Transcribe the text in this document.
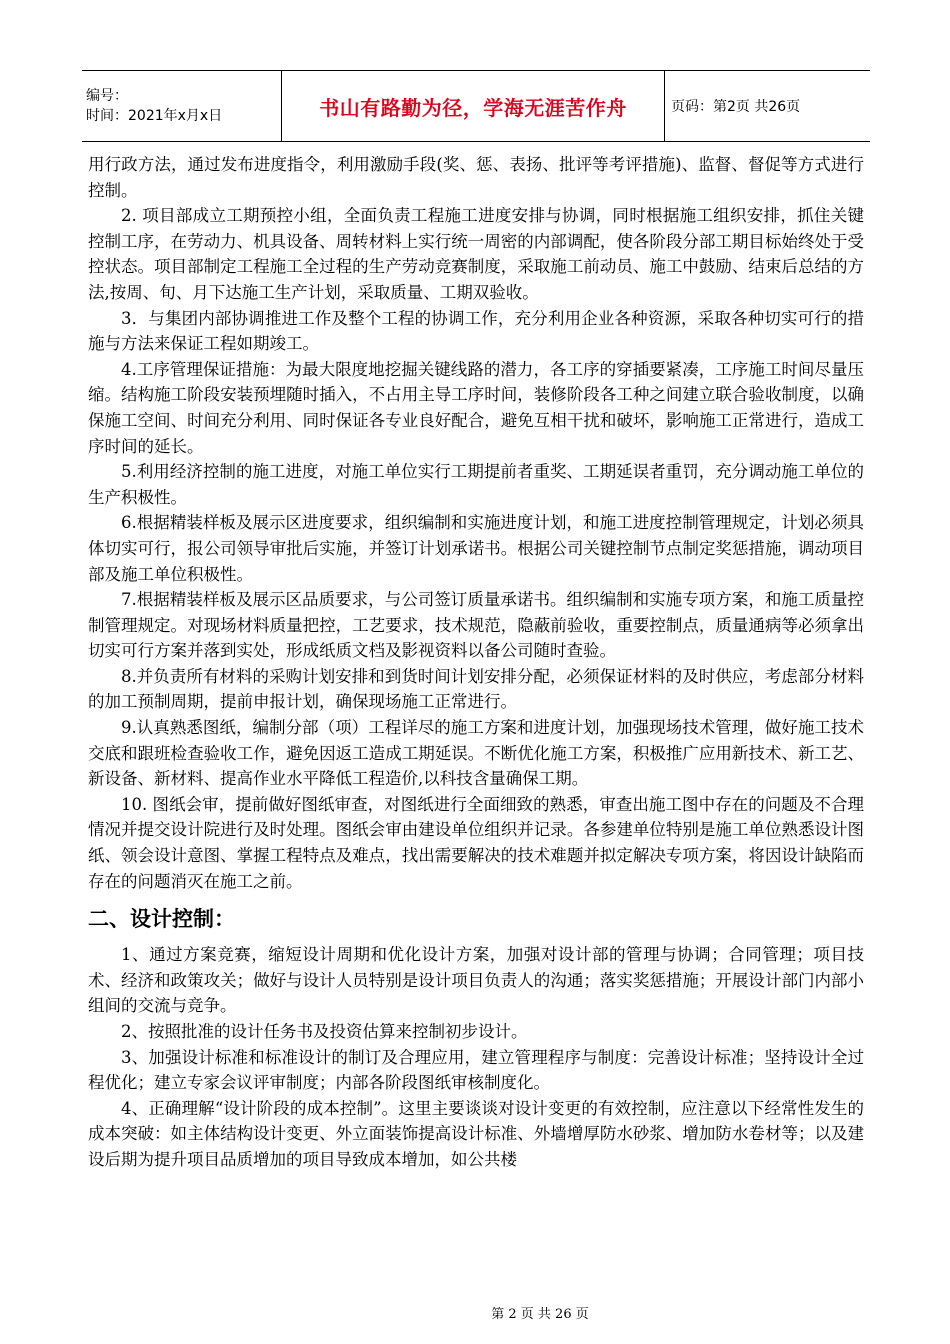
编号：
时间：2021年x月x日	书山有路勤为径，学海无涯苦作舟	页码：第2页 共26页

用行政方法，通过发布进度指令，利用激励手段(奖、惩、表扬、批评等考评措施)、监督、督促等方式进行控制。

2. 项目部成立工期预控小组，全面负责工程施工进度安排与协调，同时根据施工组织安排，抓住关键控制工序，在劳动力、机具设备、周转材料上实行统一周密的内部调配，使各阶段分部工期目标始终处于受控状态。项目部制定工程施工全过程的生产劳动竞赛制度，采取施工前动员、施工中鼓励、结束后总结的方法,按周、旬、月下达施工生产计划，采取质量、工期双验收。

3．与集团内部协调推进工作及整个工程的协调工作，充分利用企业各种资源，采取各种切实可行的措施与方法来保证工程如期竣工。

4.工序管理保证措施：为最大限度地挖掘关键线路的潜力，各工序的穿插要紧凑，工序施工时间尽量压缩。结构施工阶段安装预埋随时插入，不占用主导工序时间，装修阶段各工种之间建立联合验收制度，以确保施工空间、时间充分利用、同时保证各专业良好配合，避免互相干扰和破坏，影响施工正常进行，造成工序时间的延长。

5.利用经济控制的施工进度，对施工单位实行工期提前者重奖、工期延误者重罚，充分调动施工单位的生产积极性。

6.根据精装样板及展示区进度要求，组织编制和实施进度计划，和施工进度控制管理规定，计划必须具体切实可行，报公司领导审批后实施，并签订计划承诺书。根据公司关键控制节点制定奖惩措施，调动项目部及施工单位积极性。

7.根据精装样板及展示区品质要求，与公司签订质量承诺书。组织编制和实施专项方案，和施工质量控制管理规定。对现场材料质量把控，工艺要求，技术规范，隐蔽前验收，重要控制点，质量通病等必须拿出切实可行方案并落到实处，形成纸质文档及影视资料以备公司随时查验。

8.并负责所有材料的采购计划安排和到货时间计划安排分配，必须保证材料的及时供应，考虑部分材料的加工预制周期，提前申报计划，确保现场施工正常进行。

9.认真熟悉图纸，编制分部（项）工程详尽的施工方案和进度计划，加强现场技术管理，做好施工技术交底和跟班检查验收工作，避免因返工造成工期延误。不断优化施工方案，积极推广应用新技术、新工艺、新设备、新材料、提高作业水平降低工程造价,以科技含量确保工期。

10. 图纸会审，提前做好图纸审查，对图纸进行全面细致的熟悉，审查出施工图中存在的问题及不合理情况并提交设计院进行及时处理。图纸会审由建设单位组织并记录。各参建单位特别是施工单位熟悉设计图纸、领会设计意图、掌握工程特点及难点，找出需要解决的技术难题并拟定解决专项方案，将因设计缺陷而存在的问题消灭在施工之前。

二、设计控制：

1、通过方案竞赛，缩短设计周期和优化设计方案，加强对设计部的管理与协调；合同管理；项目技术、经济和政策攻关；做好与设计人员特别是设计项目负责人的沟通；落实奖惩措施；开展设计部门内部小组间的交流与竞争。

2、按照批准的设计任务书及投资估算来控制初步设计。

3、加强设计标准和标准设计的制订及合理应用，建立管理程序与制度：完善设计标准；坚持设计全过程优化；建立专家会议评审制度；内部各阶段图纸审核制度化。

4、正确理解“设计阶段的成本控制”。这里主要谈谈对设计变更的有效控制，应注意以下经常性发生的成本突破：如主体结构设计变更、外立面装饰提高设计标准、外墙增厚防水砂浆、增加防水卷材等；以及建设后期为提升项目品质增加的项目导致成本增加，如公共楼

第 2 页 共 26 页
